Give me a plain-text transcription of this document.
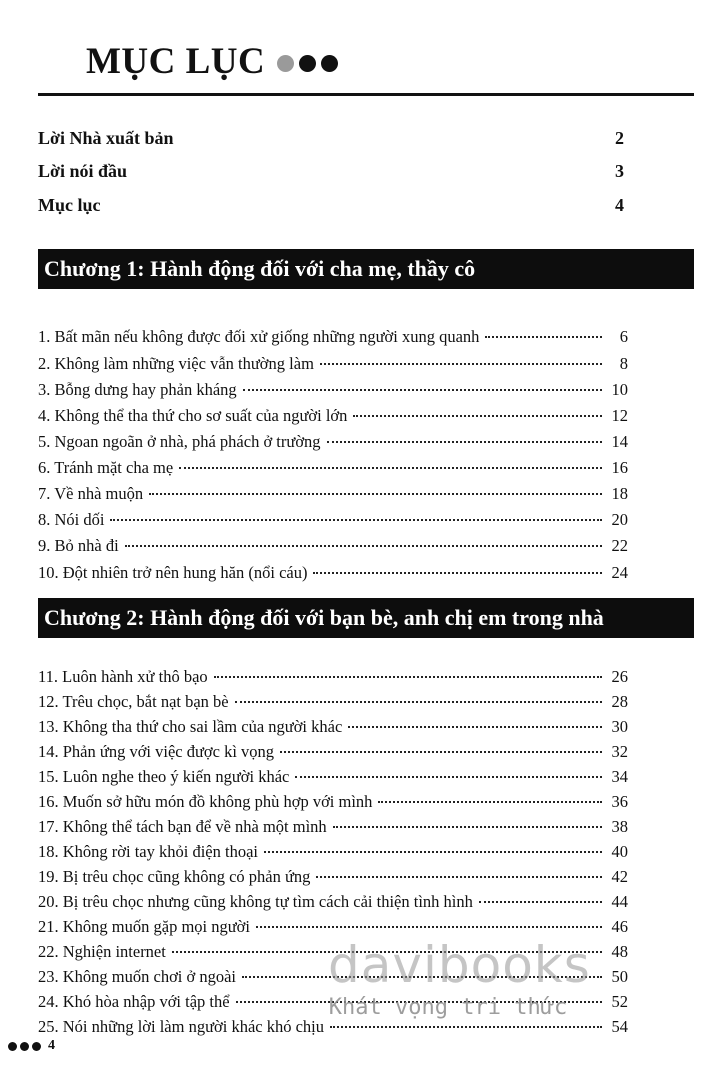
MỤC LỤC
Lời Nhà xuất bản	2
Lời nói đầu	3
Mục lục	4
Chương 1: Hành động đối với cha mẹ, thầy cô
1. Bất mãn nếu không được đối xử giống những người xung quanh	6
2. Không làm những việc vẫn thường làm	8
3. Bỗng dưng hay phản kháng	10
4. Không thể tha thứ cho sơ suất của người lớn	12
5. Ngoan ngoãn ở nhà, phá phách ở trường	14
6. Tránh mặt cha mẹ	16
7. Về nhà muộn	18
8. Nói dối	20
9. Bỏ nhà đi	22
10. Đột nhiên trở nên hung hăn (nổi cáu)	24
Chương 2: Hành động đối với bạn bè, anh chị em trong nhà
11. Luôn hành xử thô bạo	26
12. Trêu chọc, bắt nạt bạn bè	28
13. Không tha thứ cho sai lầm của người khác	30
14. Phản ứng với việc được kì vọng	32
15. Luôn nghe theo ý kiến người khác	34
16. Muốn sở hữu món đồ không phù hợp với mình	36
17. Không thể tách bạn để về nhà một mình	38
18. Không rời tay khỏi điện thoại	40
19. Bị trêu chọc cũng không có phản ứng	42
20. Bị trêu chọc nhưng cũng không tự tìm cách cải thiện tình hình	44
21. Không muốn gặp mọi người	46
22. Nghiện internet	48
23. Không muốn chơi ở ngoài	50
24. Khó hòa nhập với tập thể	52
25. Nói những lời làm người khác khó chịu	54
davibooks
Khát vọng tri thức
4
